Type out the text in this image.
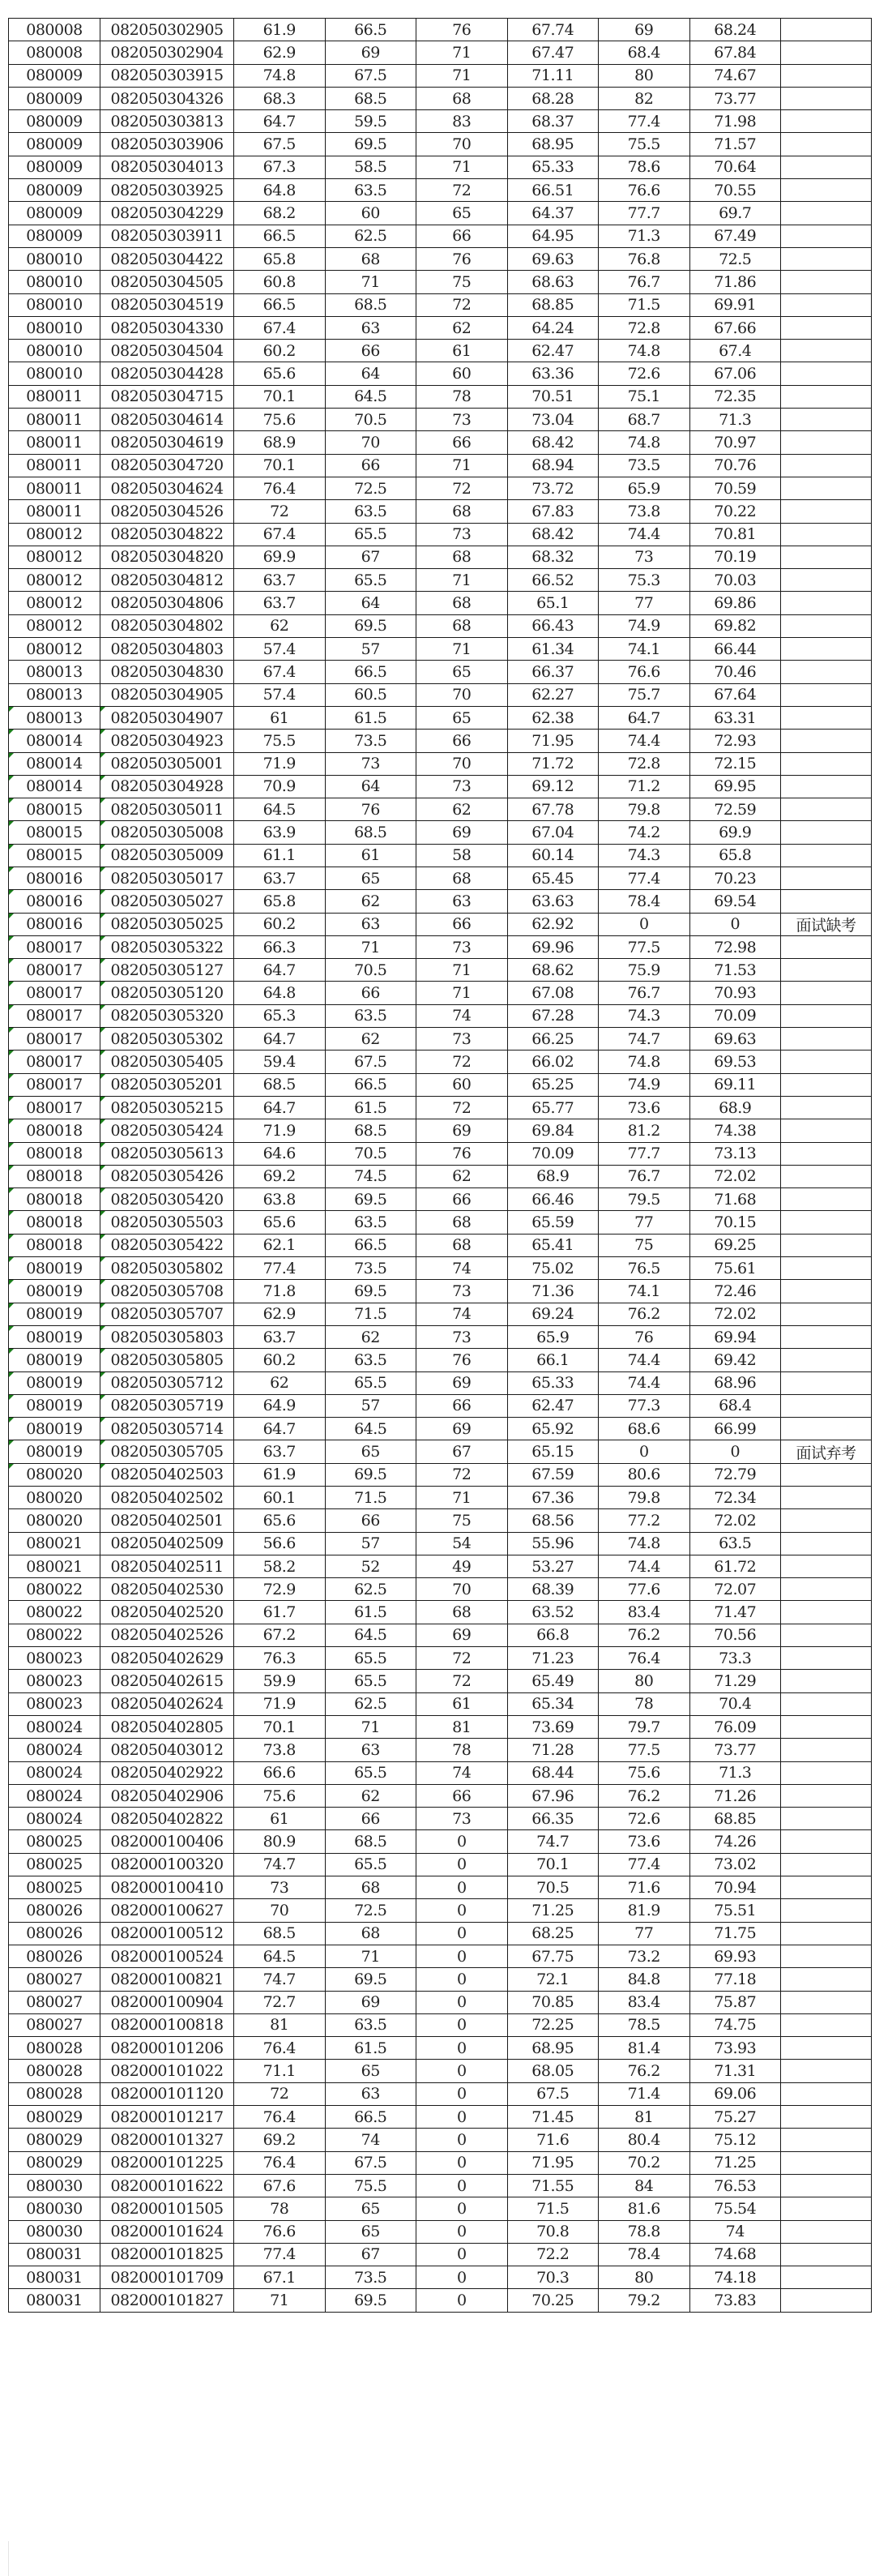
080008	082050302905	61.9	66.5	76	67.74	69	68.24	
080008	082050302904	62.9	69	71	67.47	68.4	67.84	
080009	082050303915	74.8	67.5	71	71.11	80	74.67	
080009	082050304326	68.3	68.5	68	68.28	82	73.77	
080009	082050303813	64.7	59.5	83	68.37	77.4	71.98	
080009	082050303906	67.5	69.5	70	68.95	75.5	71.57	
080009	082050304013	67.3	58.5	71	65.33	78.6	70.64	
080009	082050303925	64.8	63.5	72	66.51	76.6	70.55	
080009	082050304229	68.2	60	65	64.37	77.7	69.7	
080009	082050303911	66.5	62.5	66	64.95	71.3	67.49	
080010	082050304422	65.8	68	76	69.63	76.8	72.5	
080010	082050304505	60.8	71	75	68.63	76.7	71.86	
080010	082050304519	66.5	68.5	72	68.85	71.5	69.91	
080010	082050304330	67.4	63	62	64.24	72.8	67.66	
080010	082050304504	60.2	66	61	62.47	74.8	67.4	
080010	082050304428	65.6	64	60	63.36	72.6	67.06	
080011	082050304715	70.1	64.5	78	70.51	75.1	72.35	
080011	082050304614	75.6	70.5	73	73.04	68.7	71.3	
080011	082050304619	68.9	70	66	68.42	74.8	70.97	
080011	082050304720	70.1	66	71	68.94	73.5	70.76	
080011	082050304624	76.4	72.5	72	73.72	65.9	70.59	
080011	082050304526	72	63.5	68	67.83	73.8	70.22	
080012	082050304822	67.4	65.5	73	68.42	74.4	70.81	
080012	082050304820	69.9	67	68	68.32	73	70.19	
080012	082050304812	63.7	65.5	71	66.52	75.3	70.03	
080012	082050304806	63.7	64	68	65.1	77	69.86	
080012	082050304802	62	69.5	68	66.43	74.9	69.82	
080012	082050304803	57.4	57	71	61.34	74.1	66.44	
080013	082050304830	67.4	66.5	65	66.37	76.6	70.46	
080013	082050304905	57.4	60.5	70	62.27	75.7	67.64	
080013	082050304907	61	61.5	65	62.38	64.7	63.31	
080014	082050304923	75.5	73.5	66	71.95	74.4	72.93	
080014	082050305001	71.9	73	70	71.72	72.8	72.15	
080014	082050304928	70.9	64	73	69.12	71.2	69.95	
080015	082050305011	64.5	76	62	67.78	79.8	72.59	
080015	082050305008	63.9	68.5	69	67.04	74.2	69.9	
080015	082050305009	61.1	61	58	60.14	74.3	65.8	
080016	082050305017	63.7	65	68	65.45	77.4	70.23	
080016	082050305027	65.8	62	63	63.63	78.4	69.54	
080016	082050305025	60.2	63	66	62.92	0	0	面试缺考
080017	082050305322	66.3	71	73	69.96	77.5	72.98	
080017	082050305127	64.7	70.5	71	68.62	75.9	71.53	
080017	082050305120	64.8	66	71	67.08	76.7	70.93	
080017	082050305320	65.3	63.5	74	67.28	74.3	70.09	
080017	082050305302	64.7	62	73	66.25	74.7	69.63	
080017	082050305405	59.4	67.5	72	66.02	74.8	69.53	
080017	082050305201	68.5	66.5	60	65.25	74.9	69.11	
080017	082050305215	64.7	61.5	72	65.77	73.6	68.9	
080018	082050305424	71.9	68.5	69	69.84	81.2	74.38	
080018	082050305613	64.6	70.5	76	70.09	77.7	73.13	
080018	082050305426	69.2	74.5	62	68.9	76.7	72.02	
080018	082050305420	63.8	69.5	66	66.46	79.5	71.68	
080018	082050305503	65.6	63.5	68	65.59	77	70.15	
080018	082050305422	62.1	66.5	68	65.41	75	69.25	
080019	082050305802	77.4	73.5	74	75.02	76.5	75.61	
080019	082050305708	71.8	69.5	73	71.36	74.1	72.46	
080019	082050305707	62.9	71.5	74	69.24	76.2	72.02	
080019	082050305803	63.7	62	73	65.9	76	69.94	
080019	082050305805	60.2	63.5	76	66.1	74.4	69.42	
080019	082050305712	62	65.5	69	65.33	74.4	68.96	
080019	082050305719	64.9	57	66	62.47	77.3	68.4	
080019	082050305714	64.7	64.5	69	65.92	68.6	66.99	
080019	082050305705	63.7	65	67	65.15	0	0	面试弃考
080020	082050402503	61.9	69.5	72	67.59	80.6	72.79	
080020	082050402502	60.1	71.5	71	67.36	79.8	72.34	
080020	082050402501	65.6	66	75	68.56	77.2	72.02	
080021	082050402509	56.6	57	54	55.96	74.8	63.5	
080021	082050402511	58.2	52	49	53.27	74.4	61.72	
080022	082050402530	72.9	62.5	70	68.39	77.6	72.07	
080022	082050402520	61.7	61.5	68	63.52	83.4	71.47	
080022	082050402526	67.2	64.5	69	66.8	76.2	70.56	
080023	082050402629	76.3	65.5	72	71.23	76.4	73.3	
080023	082050402615	59.9	65.5	72	65.49	80	71.29	
080023	082050402624	71.9	62.5	61	65.34	78	70.4	
080024	082050402805	70.1	71	81	73.69	79.7	76.09	
080024	082050403012	73.8	63	78	71.28	77.5	73.77	
080024	082050402922	66.6	65.5	74	68.44	75.6	71.3	
080024	082050402906	75.6	62	66	67.96	76.2	71.26	
080024	082050402822	61	66	73	66.35	72.6	68.85	
080025	082000100406	80.9	68.5	0	74.7	73.6	74.26	
080025	082000100320	74.7	65.5	0	70.1	77.4	73.02	
080025	082000100410	73	68	0	70.5	71.6	70.94	
080026	082000100627	70	72.5	0	71.25	81.9	75.51	
080026	082000100512	68.5	68	0	68.25	77	71.75	
080026	082000100524	64.5	71	0	67.75	73.2	69.93	
080027	082000100821	74.7	69.5	0	72.1	84.8	77.18	
080027	082000100904	72.7	69	0	70.85	83.4	75.87	
080027	082000100818	81	63.5	0	72.25	78.5	74.75	
080028	082000101206	76.4	61.5	0	68.95	81.4	73.93	
080028	082000101022	71.1	65	0	68.05	76.2	71.31	
080028	082000101120	72	63	0	67.5	71.4	69.06	
080029	082000101217	76.4	66.5	0	71.45	81	75.27	
080029	082000101327	69.2	74	0	71.6	80.4	75.12	
080029	082000101225	76.4	67.5	0	71.95	70.2	71.25	
080030	082000101622	67.6	75.5	0	71.55	84	76.53	
080030	082000101505	78	65	0	71.5	81.6	75.54	
080030	082000101624	76.6	65	0	70.8	78.8	74	
080031	082000101825	77.4	67	0	72.2	78.4	74.68	
080031	082000101709	67.1	73.5	0	70.3	80	74.18	
080031	082000101827	71	69.5	0	70.25	79.2	73.83	
